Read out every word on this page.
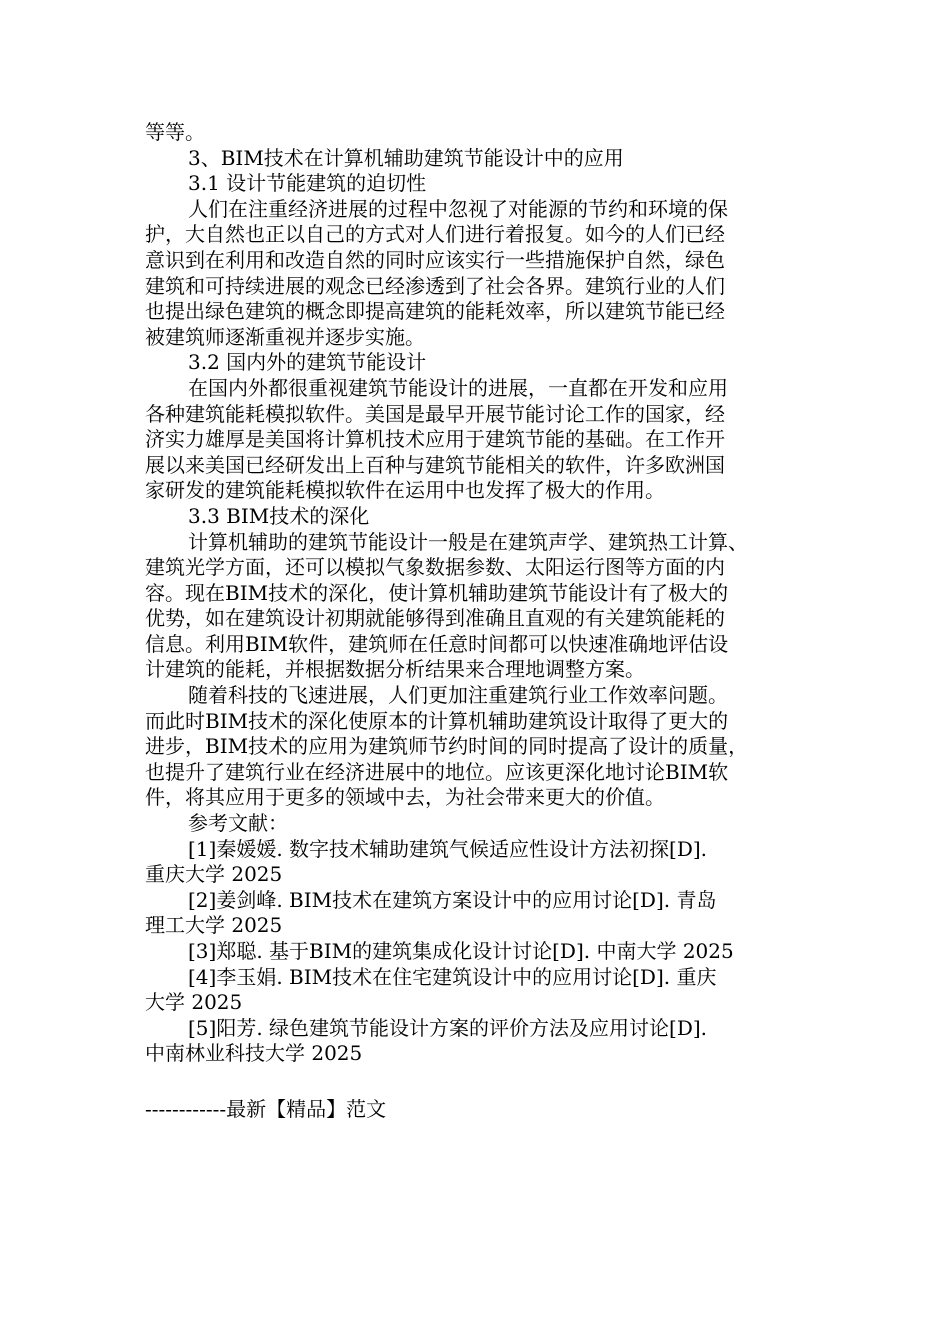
等等。
3、BIM技术在计算机辅助建筑节能设计中的应用
3.1 设计节能建筑的迫切性
人们在注重经济进展的过程中忽视了对能源的节约和环境的保
护，大自然也正以自己的方式对人们进行着报复。如今的人们已经
意识到在利用和改造自然的同时应该实行一些措施保护自然，绿色
建筑和可持续进展的观念已经渗透到了社会各界。建筑行业的人们
也提出绿色建筑的概念即提高建筑的能耗效率，所以建筑节能已经
被建筑师逐渐重视并逐步实施。
3.2 国内外的建筑节能设计
在国内外都很重视建筑节能设计的进展，一直都在开发和应用
各种建筑能耗模拟软件。美国是最早开展节能讨论工作的国家，经
济实力雄厚是美国将计算机技术应用于建筑节能的基础。在工作开
展以来美国已经研发出上百种与建筑节能相关的软件，许多欧洲国
家研发的建筑能耗模拟软件在运用中也发挥了极大的作用。
3.3 BIM技术的深化
计算机辅助的建筑节能设计一般是在建筑声学、建筑热工计算、
建筑光学方面，还可以模拟气象数据参数、太阳运行图等方面的内
容。现在BIM技术的深化，使计算机辅助建筑节能设计有了极大的
优势，如在建筑设计初期就能够得到准确且直观的有关建筑能耗的
信息。利用BIM软件，建筑师在任意时间都可以快速准确地评估设
计建筑的能耗，并根据数据分析结果来合理地调整方案。
随着科技的飞速进展，人们更加注重建筑行业工作效率问题。
而此时BIM技术的深化使原本的计算机辅助建筑设计取得了更大的
进步，BIM技术的应用为建筑师节约时间的同时提高了设计的质量，
也提升了建筑行业在经济进展中的地位。应该更深化地讨论BIM软
件，将其应用于更多的领域中去，为社会带来更大的价值。
参考文献：
[1]秦媛媛. 数字技术辅助建筑气候适应性设计方法初探[D].
重庆大学 2025
[2]姜剑峰. BIM技术在建筑方案设计中的应用讨论[D]. 青岛
理工大学 2025
[3]郑聪. 基于BIM的建筑集成化设计讨论[D]. 中南大学 2025
[4]李玉娟. BIM技术在住宅建筑设计中的应用讨论[D]. 重庆
大学 2025
[5]阳芳. 绿色建筑节能设计方案的评价方法及应用讨论[D].
中南林业科技大学 2025
------------最新【精品】范文
